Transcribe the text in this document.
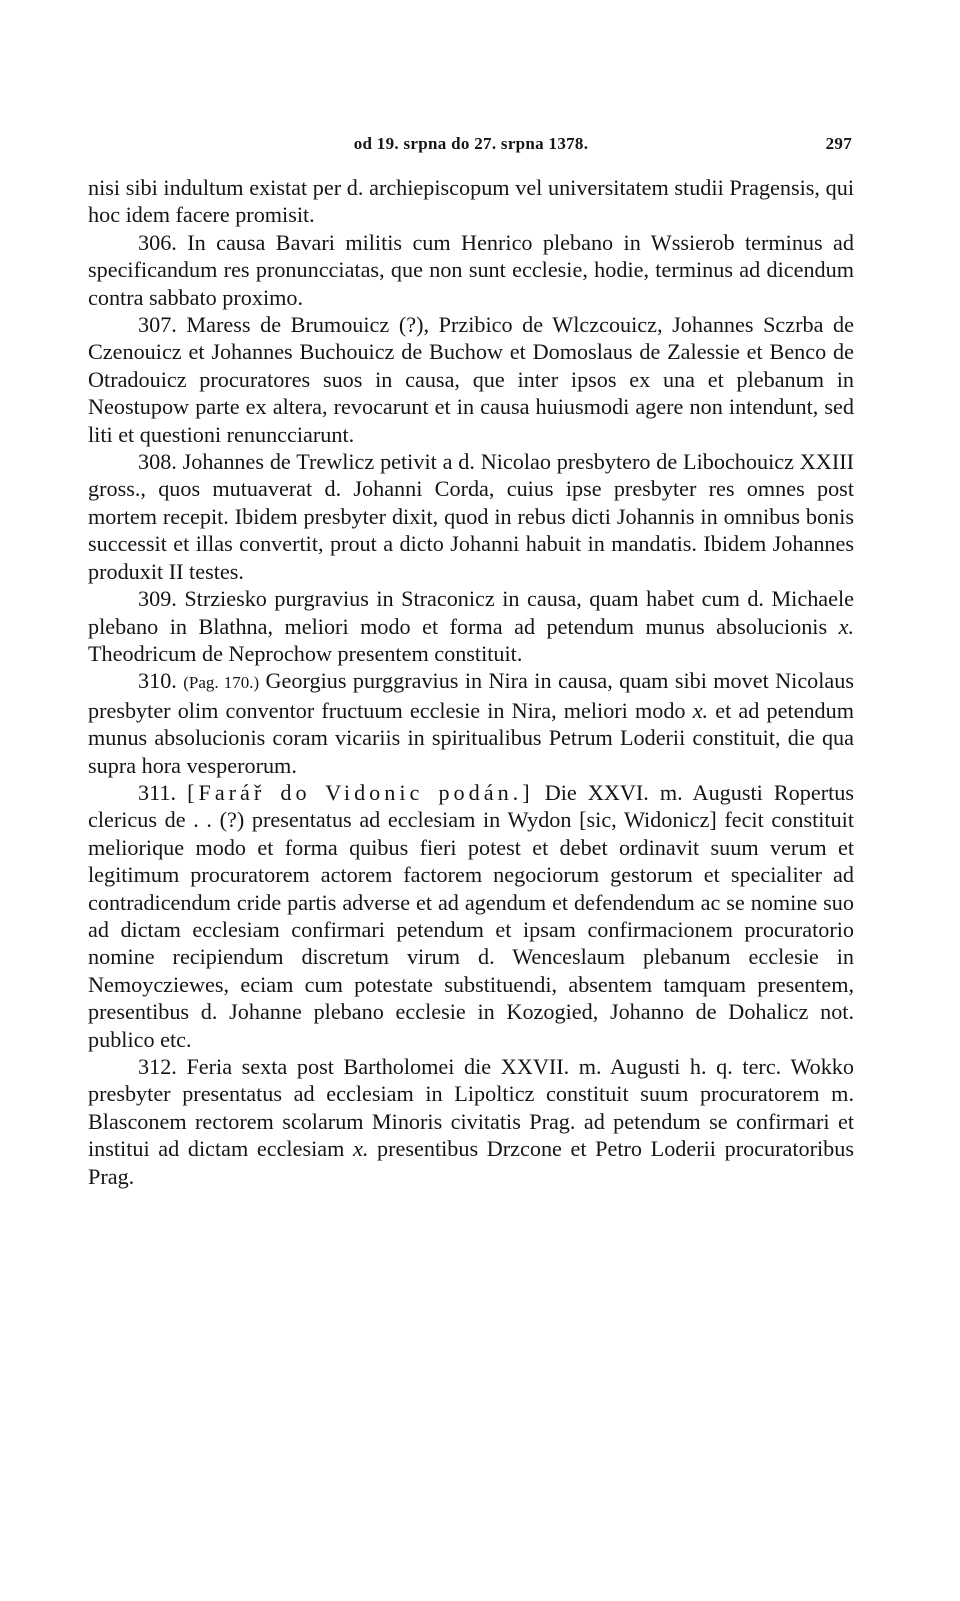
od 19. srpna do 27. srpna 1378.	297

nisi sibi indultum existat per d. archiepiscopum vel universitatem studii Pragensis, qui hoc idem facere promisit.

306. In causa Bavari militis cum Henrico plebano in Wssierob terminus ad specificandum res pronuncciatas, que non sunt ecclesie, hodie, terminus ad dicendum contra sabbato proximo.

307. Maress de Brumouicz (?), Przibico de Wlczcouicz, Johannes Sczrba de Czenouicz et Johannes Buchouicz de Buchow et Domoslaus de Zalessie et Benco de Otradouicz procuratores suos in causa, que inter ipsos ex una et plebanum in Neostupow parte ex altera, revocarunt et in causa huiusmodi agere non intendunt, sed liti et questioni renuncciarunt.

308. Johannes de Trewlicz petivit a d. Nicolao presbytero de Libochouicz XXIII gross., quos mutuaverat d. Johanni Corda, cuius ipse presbyter res omnes post mortem recepit. Ibidem presbyter dixit, quod in rebus dicti Johannis in omnibus bonis successit et illas convertit, prout a dicto Johanni habuit in mandatis. Ibidem Johannes produxit II testes.

309. Strziesko purgravius in Straconicz in causa, quam habet cum d. Michaele plebano in Blathna, meliori modo et forma ad petendum munus absolucionis x. Theodricum de Neprochow presentem constituit.

310. (Pag. 170.) Georgius purggravius in Nira in causa, quam sibi movet Nicolaus presbyter olim conventor fructuum ecclesie in Nira, meliori modo x. et ad petendum munus absolucionis coram vicariis in spiritualibus Petrum Loderii constituit, die qua supra hora vesperorum.

311. [Farář do Vidonic podán.] Die XXVI. m. Augusti Ropertus clericus de . . (?) presentatus ad ecclesiam in Wydon [sic, Widonicz] fecit constituit meliorique modo et forma quibus fieri potest et debet ordinavit suum verum et legitimum procuratorem actorem factorem negociorum gestorum et specialiter ad contradicendum cride partis adverse et ad agendum et defendendum ac se nomine suo ad dictam ecclesiam confirmari petendum et ipsam confirmacionem procuratorio nomine recipiendum discretum virum d. Wenceslaum plebanum ecclesie in Nemoycziewes, eciam cum potestate substituendi, absentem tamquam presentem, presentibus d. Johanne plebano ecclesie in Kozogied, Johanno de Dohalicz not. publico etc.

312. Feria sexta post Bartholomei die XXVII. m. Augusti h. q. terc. Wokko presbyter presentatus ad ecclesiam in Lipolticz constituit suum procuratorem m. Blasconem rectorem scolarum Minoris civitatis Prag. ad petendum se confirmari et institui ad dictam ecclesiam x. presentibus Drzcone et Petro Loderii procuratoribus Prag.
